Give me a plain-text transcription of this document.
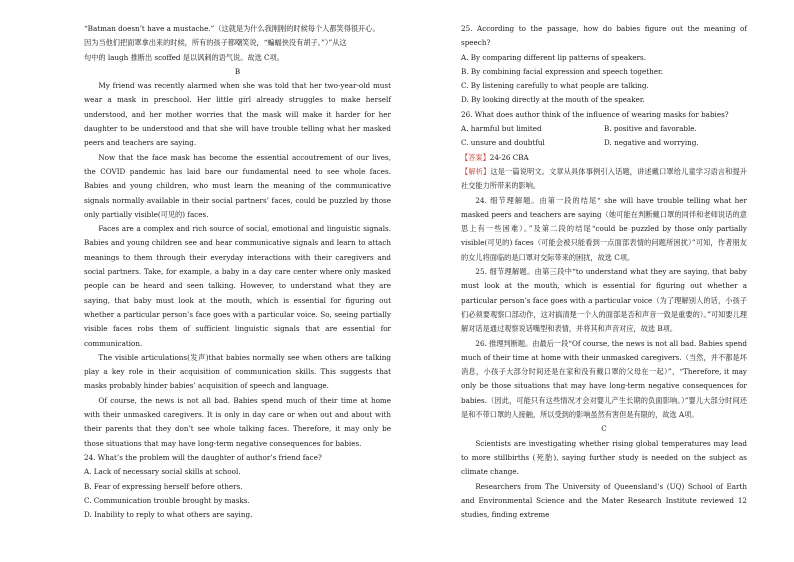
“Batman doesn’t have a mustache.”（这就是为什么我刚刚的时候每个人都笑得很开心。

因为当他们把面罩拿出来的时候，所有的孩子都嘲笑说，“蝙蝠侠没有胡子。”）”从这

句中的 laugh 推断出 scoffed 是以讽刺的语气说。故选 C项。

B

My friend was recently alarmed when she was told that her two-year-old must wear a mask in preschool. Her little girl already struggles to make herself understood, and her mother worries that the mask will make it harder for her daughter to be understood and that she will have trouble telling what her masked peers and teachers are saying.

Now that the face mask has become the essential accoutrement of our lives, the COVID pandemic has laid bare our fundamental need to see whole faces. Babies and young children, who must learn the meaning of the communicative signals normally available in their social partners’ faces, could be puzzled by those only partially visible(可见的) faces.

Faces are a complex and rich source of social, emotional and linguistic signals. Babies and young children see and hear communicative signals and learn to attach meanings to them through their everyday interactions with their caregivers and social partners. Take, for example, a baby in a day care center where only masked people can be heard and seen talking. However, to understand what they are saying, that baby must look at the mouth, which is essential for figuring out whether a particular person’s face goes with a particular voice. So, seeing partially visible faces robs them of sufficient linguistic signals that are essential for communication.

The visible articulations(发声)that babies normally see when others are talking play a key role in their acquisition of communication skills. This suggests that masks probably hinder babies’ acquisition of speech and language.

Of course, the news is not all bad. Babies spend much of their time at home with their unmasked caregivers. It is only in day care or when out and about with their parents that they don’t see whole talking faces. Therefore, it may only be those situations that may have long-term negative consequences for babies.

24. What’s the problem will the daughter of author’s friend face?

A. Lack of necessary social skills at school.

B. Fear of expressing herself before others.

C. Communication trouble brought by masks.

D. Inability to reply to what others are saying.

25. According to the passage, how do babies figure out the meaning of speech?

A. By comparing different lip patterns of speakers.

B. By combining facial expression and speech together.

C. By listening carefully to what people are talking.

D. By looking directly at the mouth of the speaker.

26. What does author think of the influence of wearing masks for babies?

A. harmful but limited	B. positive and favorable.
C. unsure and doubtful	D. negative and worrying.

【答案】24-26 CBA

【解析】这是一篇说明文。文章从具体事例引入话题，讲述戴口罩给儿童学习语言和提升社交能力所带来的影响。

24. 细节理解题。由第一段的结尾“ she will have trouble telling what her masked peers and teachers are saying（她可能在判断戴口罩的同伴和老师说话的意思上有一些困难）。”及第二段的结尾“could be puzzled by those only partially visible(可见的) faces（可能会被只能看到一点面部表情的问题所困扰）”可知，作者朋友的女儿将面临的是口罩对交际带来的困扰，故选 C项。

25. 细节理解题。由第三段中“to understand what they are saying, that baby must look at the mouth, which is essential for figuring out whether a particular person’s face goes with a particular voice（为了理解别人的话，小孩子们必须要观察口部动作，这对搞清楚一个人的面部是否和声音一致是重要的）。”可知要儿理解对话是通过观察说话嘴型和表情，并将其和声音对应，故选 B项。

26. 推理判断题。由最后一段“Of course, the news is not all bad. Babies spend much of their time at home with their unmasked caregivers.（当然，并不都是坏消息，小孩子大部分时间还是在家和没有戴口罩的父母在一起）”、“Therefore, it may only be those situations that may have long-term negative consequences for babies.（因此，可能只有这些情况才会对婴儿产生长期的负面影响。）”婴儿大部分时间还是和不带口罩的人接触，所以受到的影响虽然有害但是有限的，故选 A项。

C

Scientists are investigating whether rising global temperatures may lead to more stillbirths (死胎), saying further study is needed on the subject as climate change.

Researchers from The University of Queensland’s (UQ) School of Earth and Environmental Science and the Mater Research Institute reviewed 12 studies, finding extreme
